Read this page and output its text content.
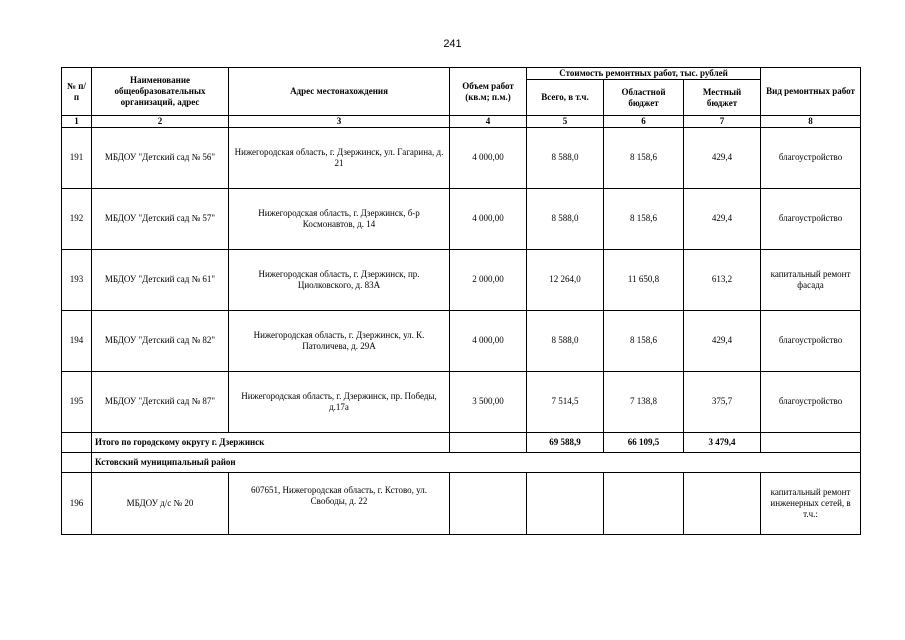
241
№ п/п	Наименование общеобразовательных организаций, адрес	Адрес местонахождения	Объем работ (кв.м; п.м.)	Стоимость ремонтных работ, тыс. рублей			Вид ремонтных работ
				Всего, в т.ч.	Областной бюджет	Местный бюджет	
1	2	3	4	5	6	7	8
191	МБДОУ "Детский сад № 56"	Нижегородская область, г. Дзержинск, ул. Гагарина, д. 21	4 000,00	8 588,0	8 158,6	429,4	благоустройство
192	МБДОУ "Детский сад № 57"	Нижегородская область, г. Дзержинск, б-р Космонавтов, д. 14	4 000,00	8 588,0	8 158,6	429,4	благоустройство
193	МБДОУ "Детский сад № 61"	Нижегородская область, г. Дзержинск, пр. Циолковского, д. 83А	2 000,00	12 264,0	11 650,8	613,2	капитальный ремонт фасада
194	МБДОУ "Детский сад № 82"	Нижегородская область, г. Дзержинск, ул. К. Патоличева, д. 29А	4 000,00	8 588,0	8 158,6	429,4	благоустройство
195	МБДОУ "Детский сад № 87"	Нижегородская область, г. Дзержинск, пр. Победы, д.17а	3 500,00	7 514,5	7 138,8	375,7	благоустройство
	Итого по городскому округу г. Дзержинск			69 588,9	66 109,5	3 479,4	
	Кстовский муниципальный район						
196	МБДОУ д/с № 20	607651, Нижегородская область, г. Кстово, ул. Свободы, д. 22					капитальный ремонт инженерных сетей, в т.ч.:
